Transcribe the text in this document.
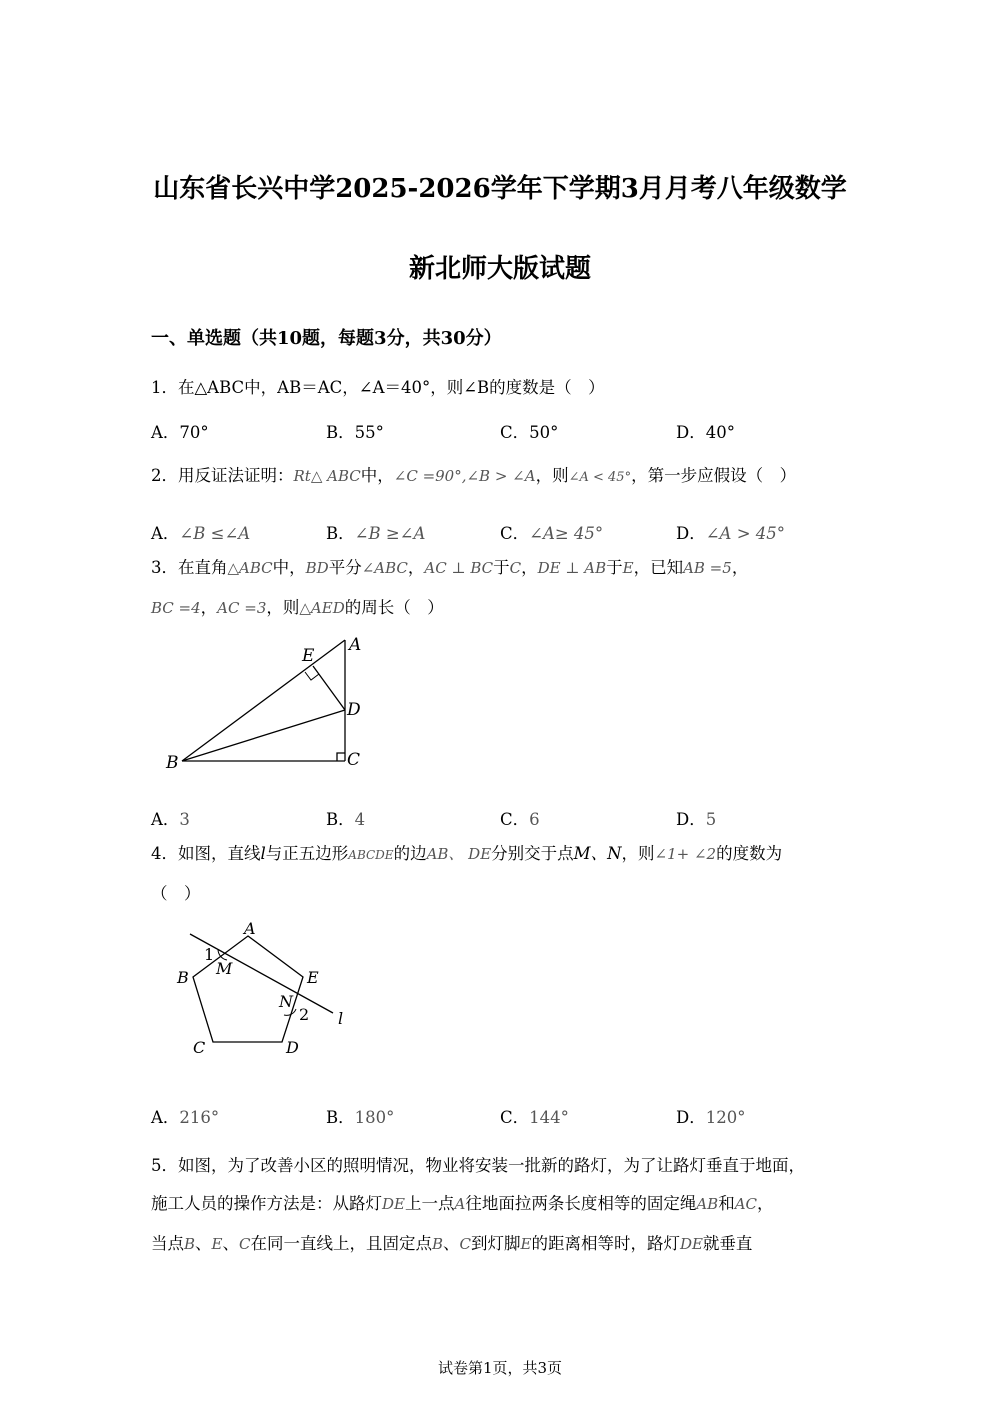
山东省长兴中学2025-2026学年下学期3月月考八年级数学
新北师大版试题
一、单选题（共10题，每题3分，共30分）
1．在△ABC中，AB＝AC，∠A＝40°，则∠B的度数是（　）
A．70°	B．55°	C．50°	D．40°
2．用反证法证明：Rt△ ABC中，∠C =90°,∠B > ∠A，则∠A < 45°，第一步应假设（　）
A．∠B ≤∠A	B．∠B ≥∠A	C．∠A≥ 45°	D．∠A > 45°
3．在直角△ABC中，BD平分∠ABC，AC ⊥ BC于C，DE ⊥ AB于E，已知AB =5，
BC =4，AC =3，则△AED的周长（　）
A
B	C
D
E
A．3	B．4	C．6	D．5
4．如图，直线l与正五边形ABCDE的边AB、 DE分别交于点M、N，则∠1+ ∠2的度数为
（　）
A
B
C	D
E
M
N
1
2 l
A．216°	B．180°	C．144°	D．120°
5．如图，为了改善小区的照明情况，物业将安装一批新的路灯，为了让路灯垂直于地面，
施工人员的操作方法是：从路灯DE上一点A往地面拉两条长度相等的固定绳AB和AC，
当点B、E、C在同一直线上，且固定点B、C到灯脚E的距离相等时，路灯DE就垂直
试卷第1页，共3页
